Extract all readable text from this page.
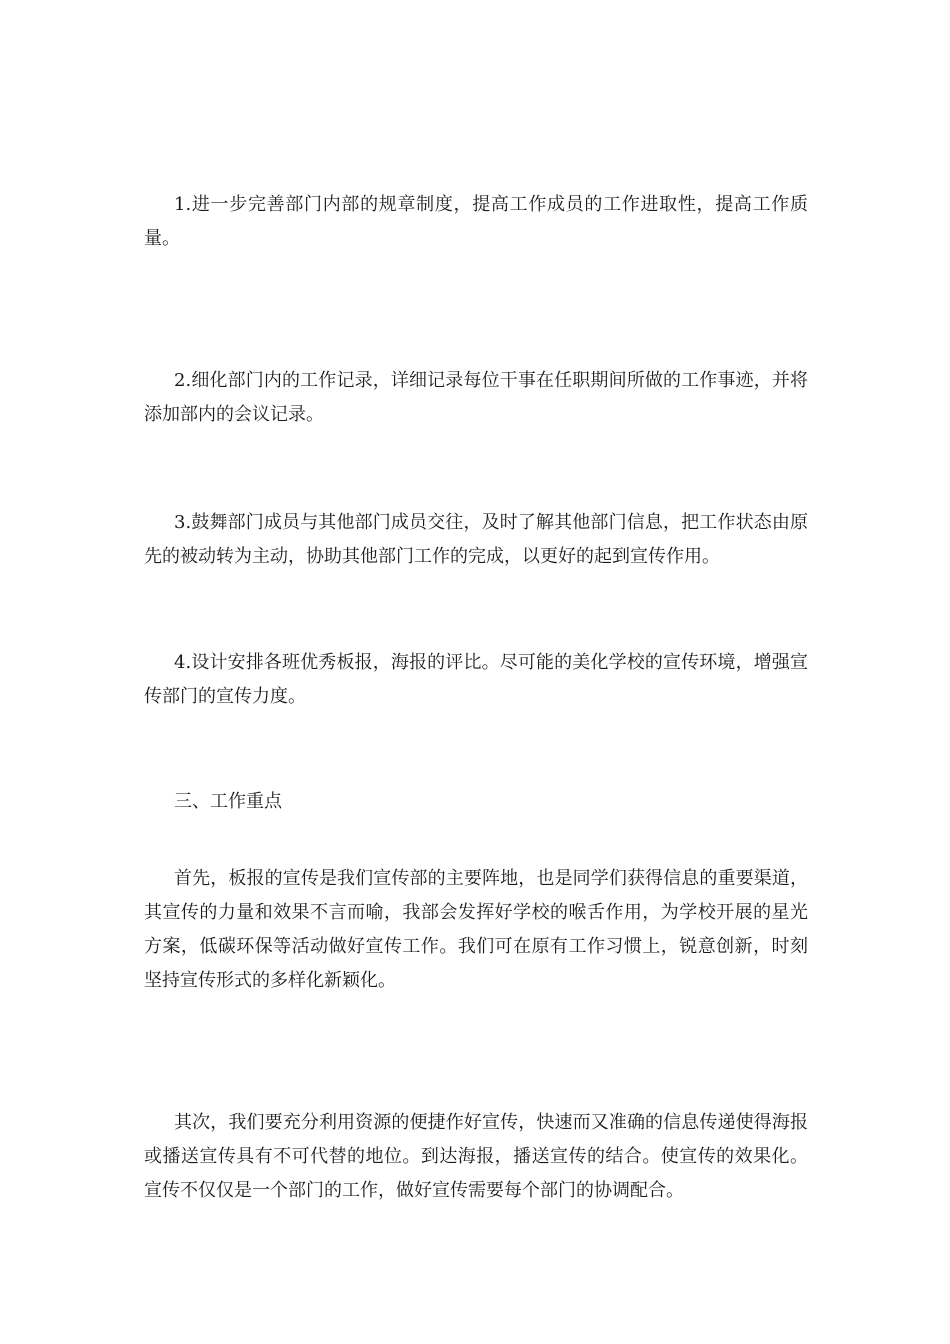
1.进一步完善部门内部的规章制度，提高工作成员的工作进取性，提高工作质量。

2.细化部门内的工作记录，详细记录每位干事在任职期间所做的工作事迹，并将添加部内的会议记录。

3.鼓舞部门成员与其他部门成员交往，及时了解其他部门信息，把工作状态由原先的被动转为主动，协助其他部门工作的完成，以更好的起到宣传作用。

4.设计安排各班优秀板报，海报的评比。尽可能的美化学校的宣传环境，增强宣传部门的宣传力度。

三、工作重点

首先，板报的宣传是我们宣传部的主要阵地，也是同学们获得信息的重要渠道，其宣传的力量和效果不言而喻，我部会发挥好学校的喉舌作用，为学校开展的星光方案，低碳环保等活动做好宣传工作。我们可在原有工作习惯上，锐意创新，时刻坚持宣传形式的多样化新颖化。

其次，我们要充分利用资源的便捷作好宣传，快速而又准确的信息传递使得海报或播送宣传具有不可代替的地位。到达海报，播送宣传的结合。使宣传的效果化。宣传不仅仅是一个部门的工作，做好宣传需要每个部门的协调配合。
